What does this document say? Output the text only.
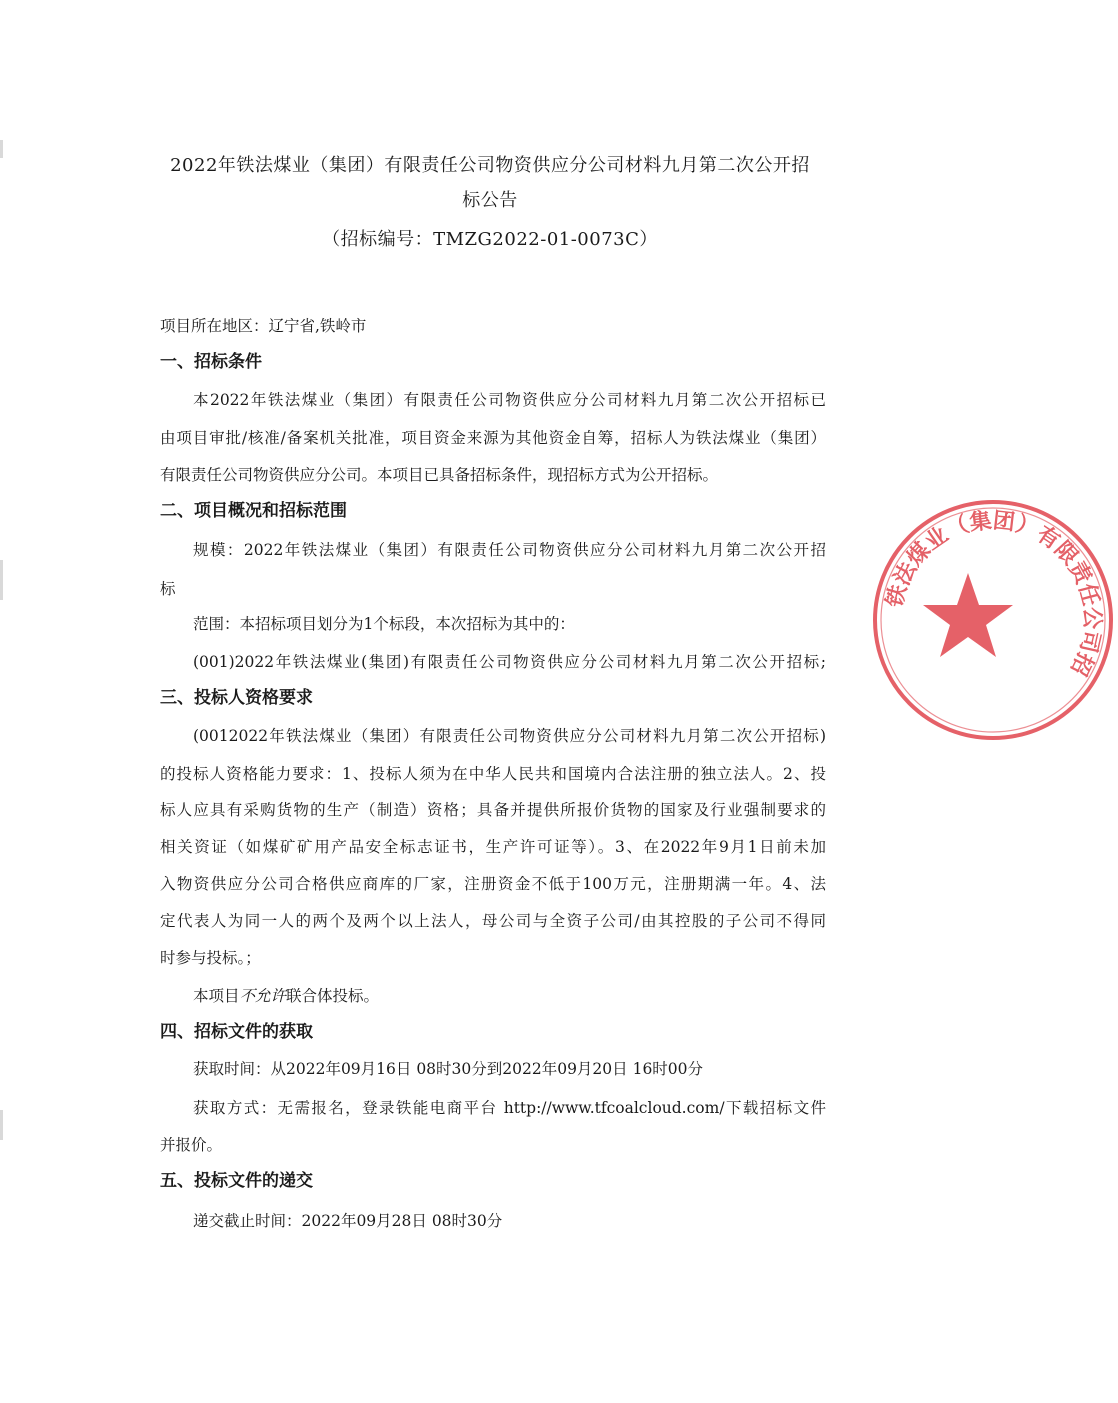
2022年铁法煤业（集团）有限责任公司物资供应分公司材料九月第二次公开招
标公告
（招标编号：TMZG2022-01-0073C）
项目所在地区：辽宁省,铁岭市
一、招标条件
本2022年铁法煤业（集团）有限责任公司物资供应分公司材料九月第二次公开招标已
由项目审批/核准/备案机关批准，项目资金来源为其他资金自筹，招标人为铁法煤业（集团）
有限责任公司物资供应分公司。本项目已具备招标条件，现招标方式为公开招标。
二、项目概况和招标范围
规模：2022年铁法煤业（集团）有限责任公司物资供应分公司材料九月第二次公开招
标
范围：本招标项目划分为1个标段，本次招标为其中的：
(001)2022年铁法煤业(集团)有限责任公司物资供应分公司材料九月第二次公开招标;
三、投标人资格要求
(0012022年铁法煤业（集团）有限责任公司物资供应分公司材料九月第二次公开招标)
的投标人资格能力要求：1、投标人须为在中华人民共和国境内合法注册的独立法人。2、投
标人应具有采购货物的生产（制造）资格；具备并提供所报价货物的国家及行业强制要求的
相关资证（如煤矿矿用产品安全标志证书，生产许可证等）。3、在2022年9月1日前未加
入物资供应分公司合格供应商库的厂家，注册资金不低于100万元，注册期满一年。4、法
定代表人为同一人的两个及两个以上法人，母公司与全资子公司/由其控股的子公司不得同
时参与投标。；
本项目不允许联合体投标。
四、招标文件的获取
获取时间：从2022年09月16日 08时30分到2022年09月20日 16时00分
获取方式：无需报名，登录铁能电商平台 http://www.tfcoalcloud.com/下载招标文件
并报价。
五、投标文件的递交
递交截止时间：2022年09月28日 08时30分
铁法煤业（集团）有限责任公司招
